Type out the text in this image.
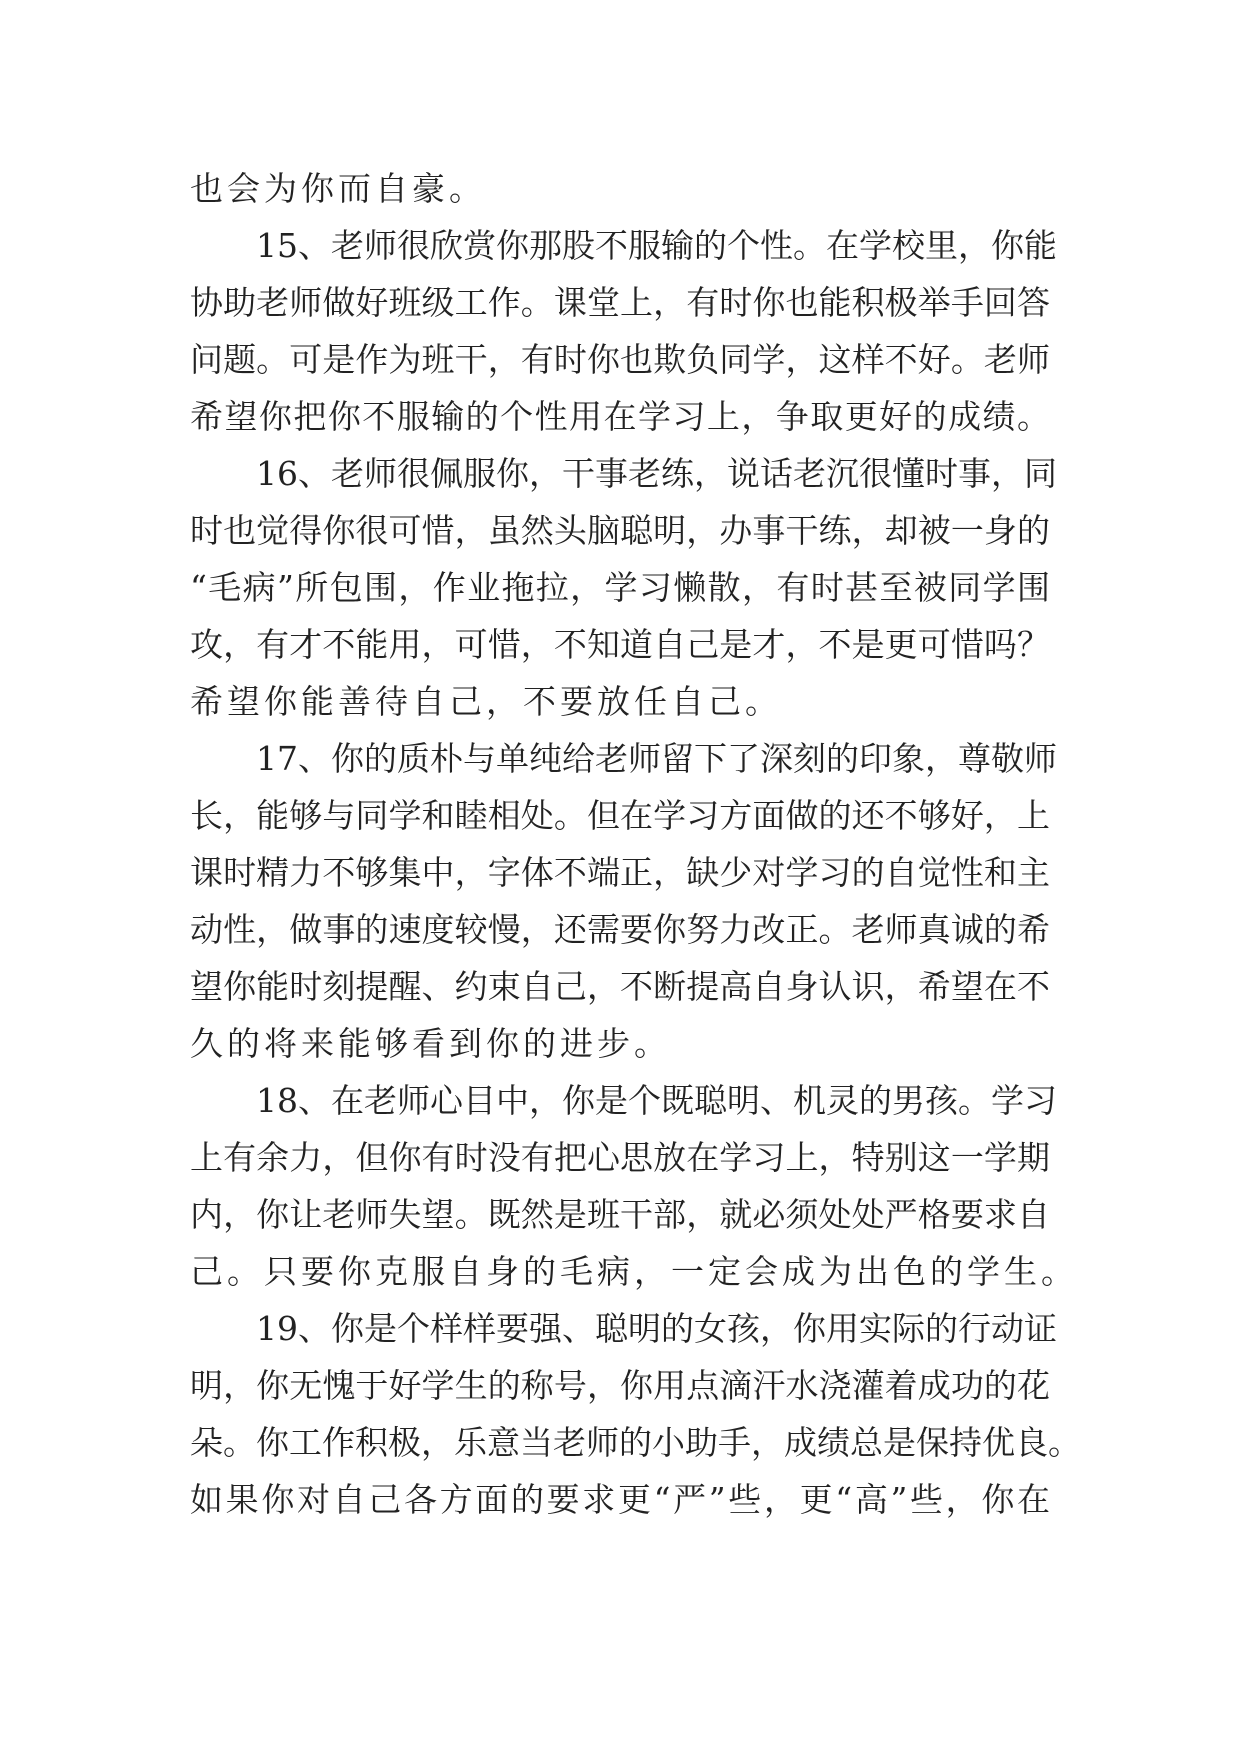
也会为你而自豪。
15、老师很欣赏你那股不服输的个性。在学校里，你能
协助老师做好班级工作。课堂上，有时你也能积极举手回答
问题。可是作为班干，有时你也欺负同学，这样不好。老师
希望你把你不服输的个性用在学习上，争取更好的成绩。
16、老师很佩服你，干事老练，说话老沉很懂时事，同
时也觉得你很可惜，虽然头脑聪明，办事干练，却被一身的
“毛病”所包围，作业拖拉，学习懒散，有时甚至被同学围
攻，有才不能用，可惜，不知道自己是才，不是更可惜吗？
希望你能善待自己，不要放任自己。
17、你的质朴与单纯给老师留下了深刻的印象，尊敬师
长，能够与同学和睦相处。但在学习方面做的还不够好，上
课时精力不够集中，字体不端正，缺少对学习的自觉性和主
动性，做事的速度较慢，还需要你努力改正。老师真诚的希
望你能时刻提醒、约束自己，不断提高自身认识，希望在不
久的将来能够看到你的进步。
18、在老师心目中，你是个既聪明、机灵的男孩。学习
上有余力，但你有时没有把心思放在学习上，特别这一学期
内，你让老师失望。既然是班干部，就必须处处严格要求自
己。只要你克服自身的毛病，一定会成为出色的学生。
19、你是个样样要强、聪明的女孩，你用实际的行动证
明，你无愧于好学生的称号，你用点滴汗水浇灌着成功的花
朵。你工作积极，乐意当老师的小助手，成绩总是保持优良。
如果你对自己各方面的要求更“严”些，更“高”些，你在
